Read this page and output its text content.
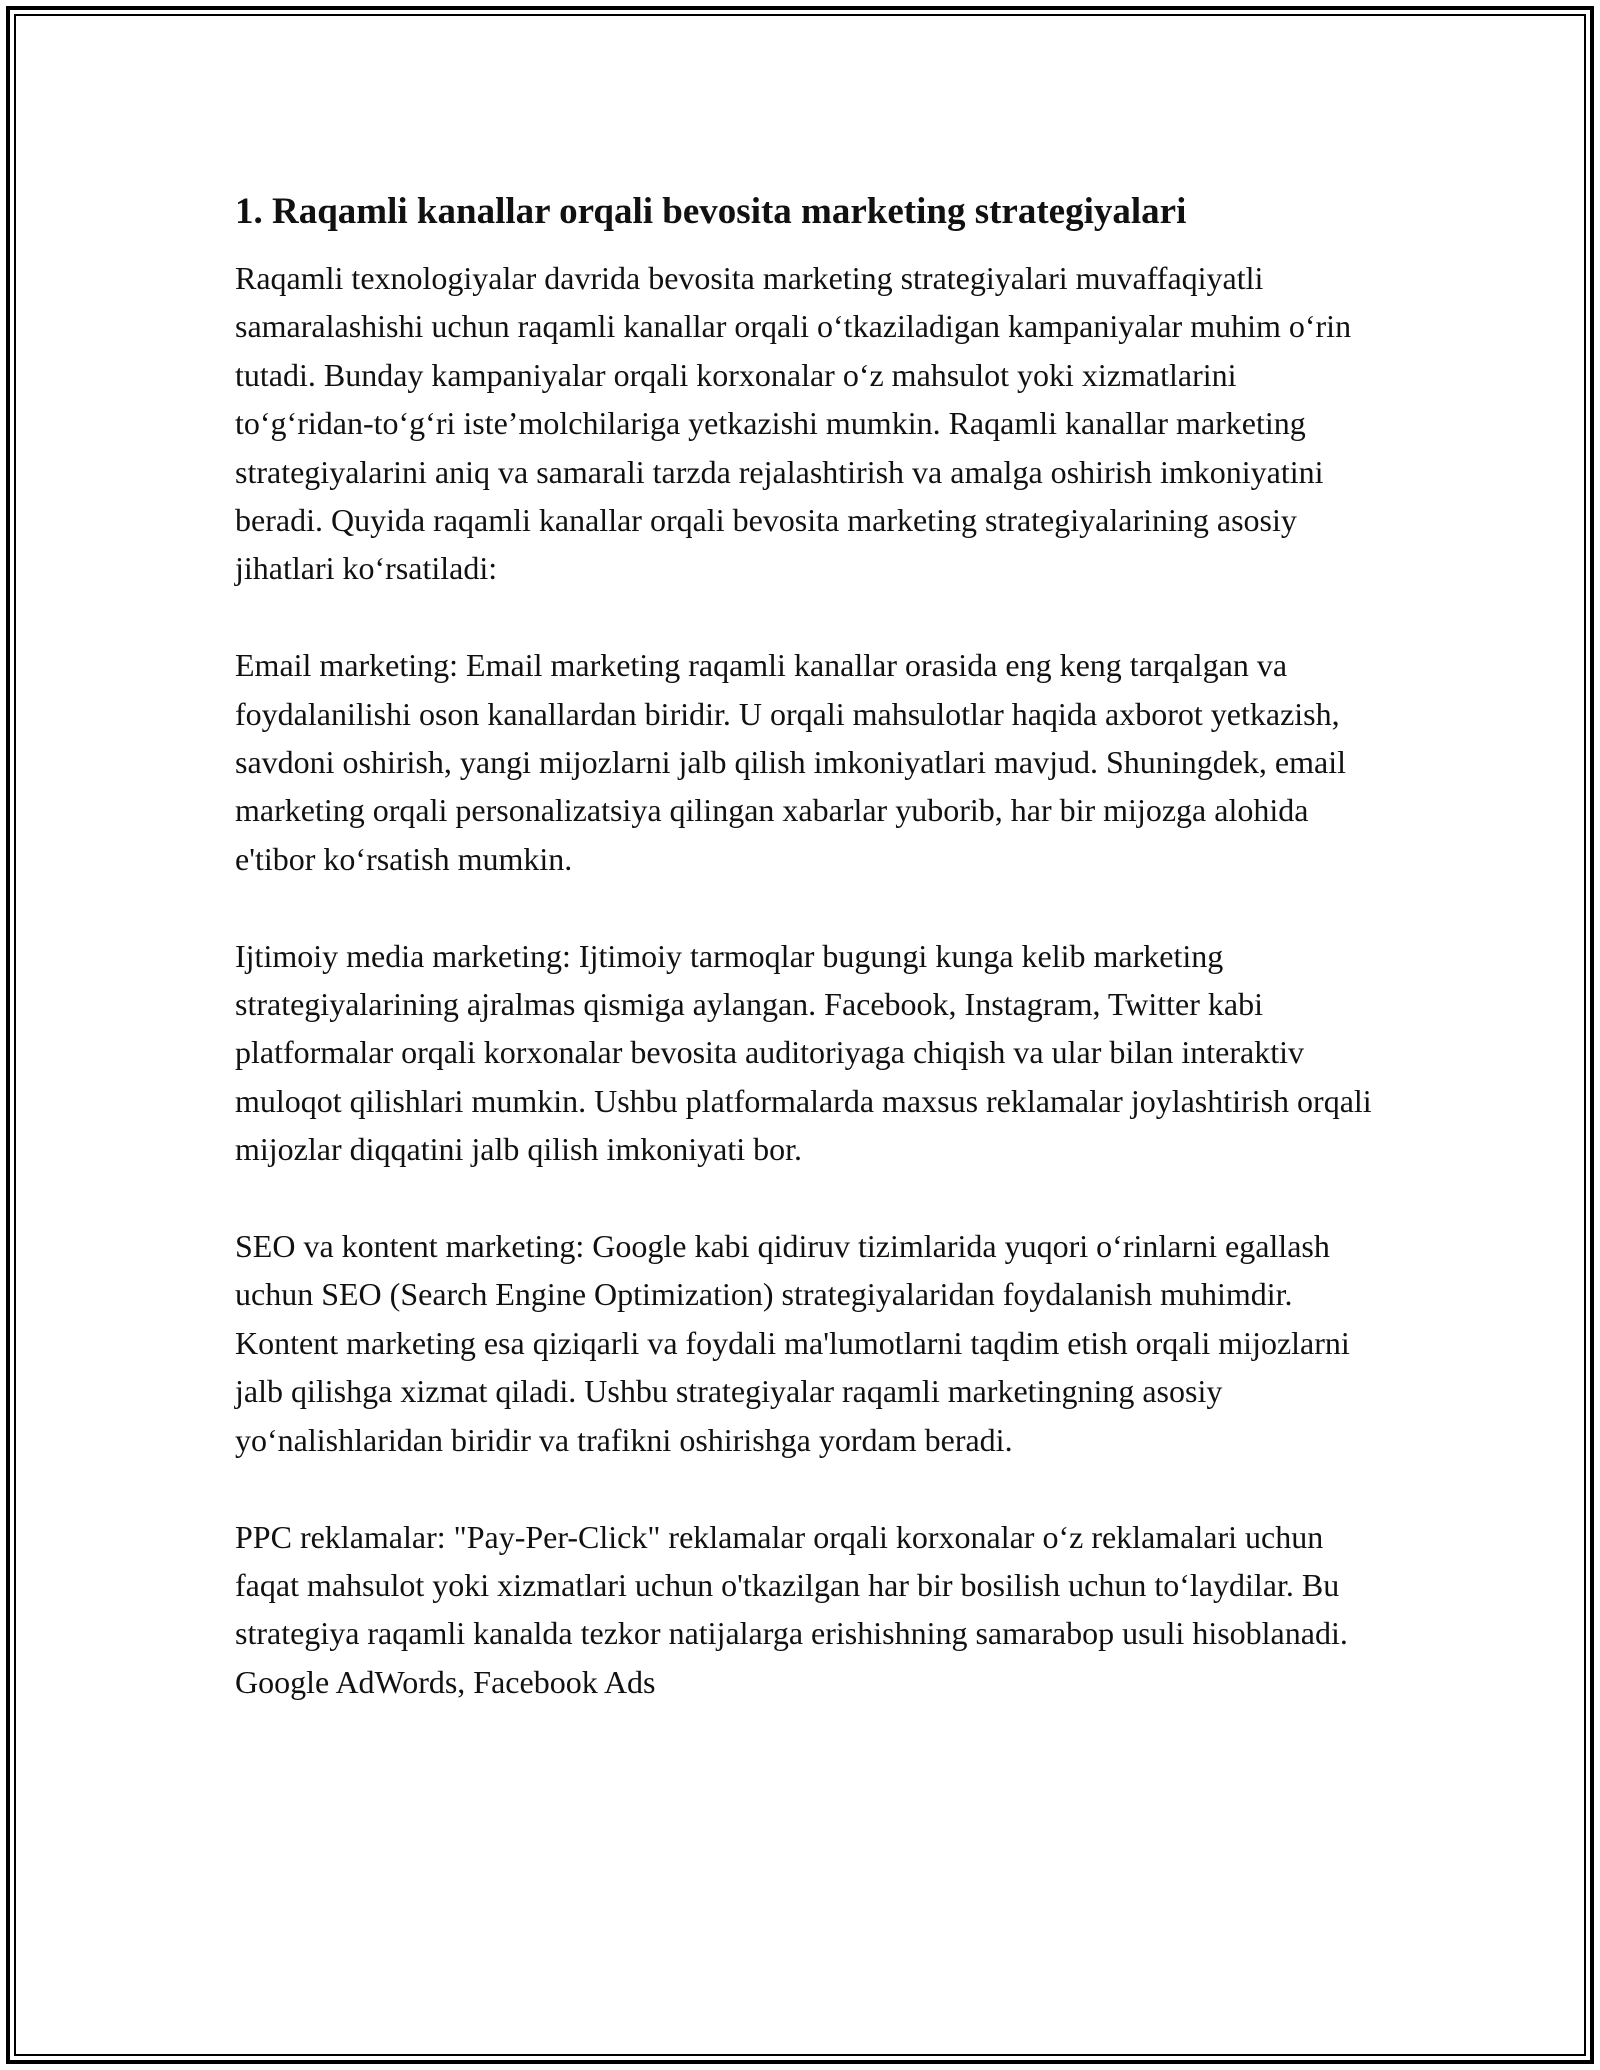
1. Raqamli kanallar orqali bevosita marketing strategiyalari

Raqamli texnologiyalar davrida bevosita marketing strategiyalari muvaffaqiyatli samaralashishi uchun raqamli kanallar orqali o‘tkaziladigan kampaniyalar muhim o‘rin tutadi. Bunday kampaniyalar orqali korxonalar o‘z mahsulot yoki xizmatlarini to‘g‘ridan-to‘g‘ri iste’molchilariga yetkazishi mumkin. Raqamli kanallar marketing strategiyalarini aniq va samarali tarzda rejalashtirish va amalga oshirish imkoniyatini beradi. Quyida raqamli kanallar orqali bevosita marketing strategiyalarining asosiy jihatlari ko‘rsatiladi:

Email marketing: Email marketing raqamli kanallar orasida eng keng tarqalgan va foydalanilishi oson kanallardan biridir. U orqali mahsulotlar haqida axborot yetkazish, savdoni oshirish, yangi mijozlarni jalb qilish imkoniyatlari mavjud. Shuningdek, email marketing orqali personalizatsiya qilingan xabarlar yuborib, har bir mijozga alohida e'tibor ko‘rsatish mumkin.

Ijtimoiy media marketing: Ijtimoiy tarmoqlar bugungi kunga kelib marketing strategiyalarining ajralmas qismiga aylangan. Facebook, Instagram, Twitter kabi platformalar orqali korxonalar bevosita auditoriyaga chiqish va ular bilan interaktiv muloqot qilishlari mumkin. Ushbu platformalarda maxsus reklamalar joylashtirish orqali mijozlar diqqatini jalb qilish imkoniyati bor.

SEO va kontent marketing: Google kabi qidiruv tizimlarida yuqori o‘rinlarni egallash uchun SEO (Search Engine Optimization) strategiyalaridan foydalanish muhimdir. Kontent marketing esa qiziqarli va foydali ma'lumotlarni taqdim etish orqali mijozlarni jalb qilishga xizmat qiladi. Ushbu strategiyalar raqamli marketingning asosiy yo‘nalishlaridan biridir va trafikni oshirishga yordam beradi.

PPC reklamalar: "Pay-Per-Click" reklamalar orqali korxonalar o‘z reklamalari uchun faqat mahsulot yoki xizmatlari uchun o'tkazilgan har bir bosilish uchun to‘laydilar. Bu strategiya raqamli kanalda tezkor natijalarga erishishning samarabop usuli hisoblanadi. Google AdWords, Facebook Ads
